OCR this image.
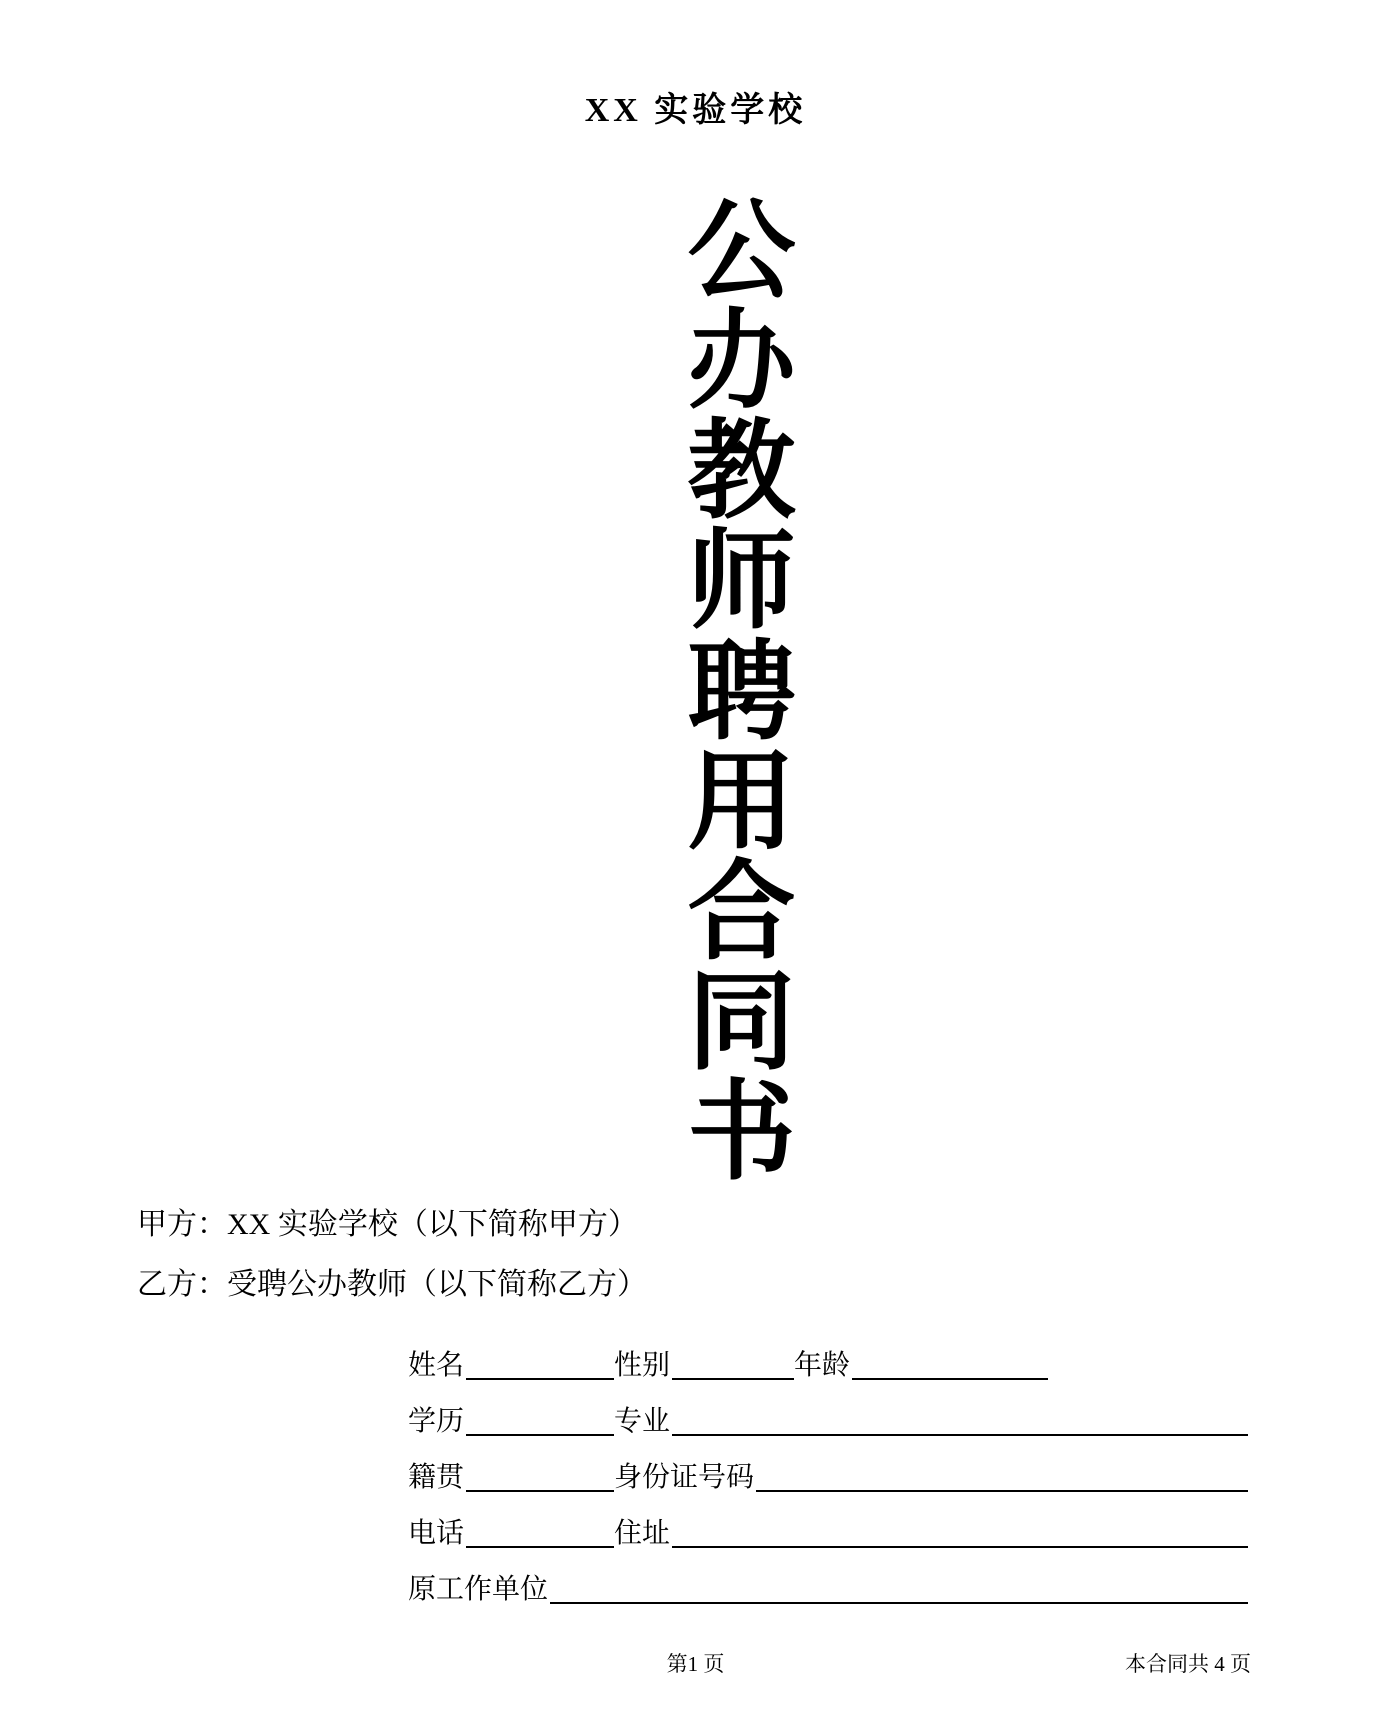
XX 实验学校
公
办
教
师
聘
用
合
同
书
甲方：XX 实验学校（以下简称甲方）
乙方：受聘公办教师（以下简称乙方）
姓名	性别	年龄
学历	专业
籍贯	身份证号码
电话	住址
原工作单位
第1 页	本合同共 4 页
